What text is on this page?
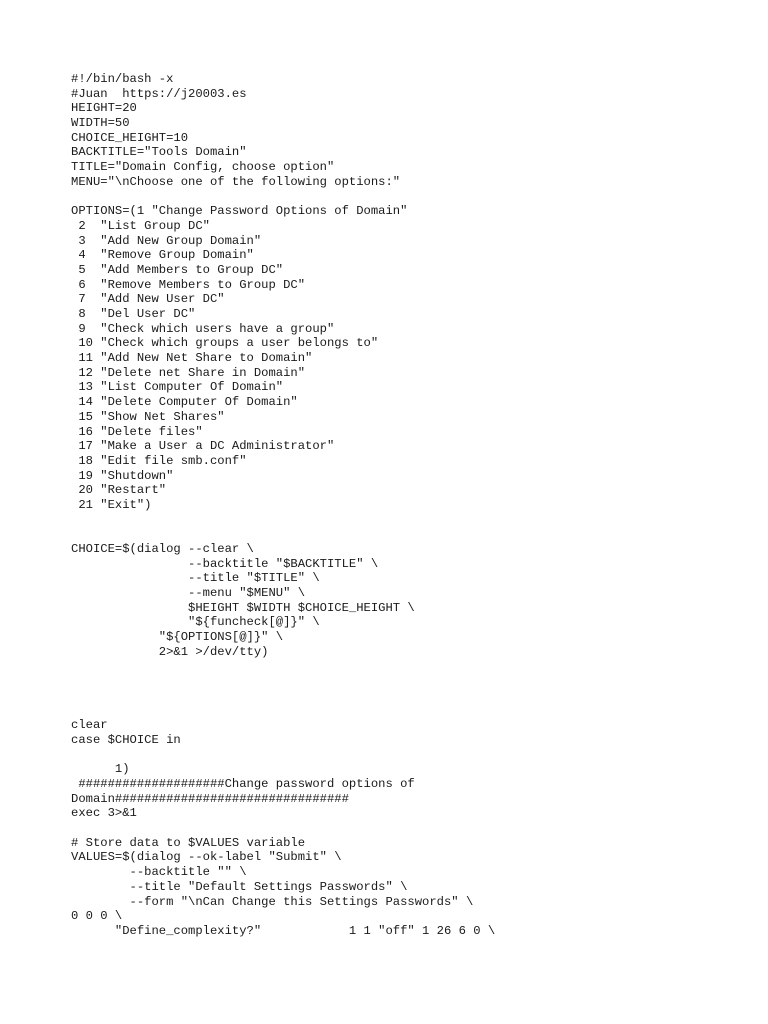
#!/bin/bash -x
#Juan  https://j20003.es
HEIGHT=20
WIDTH=50
CHOICE_HEIGHT=10
BACKTITLE="Tools Domain"
TITLE="Domain Config, choose option"
MENU="\nChoose one of the following options:"
OPTIONS=(1 "Change Password Options of Domain"
2  "List Group DC"
3  "Add New Group Domain"
4  "Remove Group Domain"
5  "Add Members to Group DC"
6  "Remove Members to Group DC"
7  "Add New User DC"
8  "Del User DC"
9  "Check which users have a group"
10 "Check which groups a user belongs to"
11 "Add New Net Share to Domain"
12 "Delete net Share in Domain"
13 "List Computer Of Domain"
14 "Delete Computer Of Domain"
15 "Show Net Shares"
16 "Delete files"
17 "Make a User a DC Administrator"
18 "Edit file smb.conf"
19 "Shutdown"
20 "Restart"
21 "Exit")
CHOICE=$(dialog --clear \
--backtitle "$BACKTITLE" \
--title "$TITLE" \
--menu "$MENU" \
$HEIGHT $WIDTH $CHOICE_HEIGHT \
"${funcheck[@]}" \
"${OPTIONS[@]}" \
2>&1 >/dev/tty)
clear
case $CHOICE in
1)
####################Change password options of
Domain################################
exec 3>&1
# Store data to $VALUES variable
VALUES=$(dialog --ok-label "Submit" \
--backtitle "" \
--title "Default Settings Passwords" \
--form "\nCan Change this Settings Passwords" \
0 0 0 \
"Define_complexity?"            1 1 "off" 1 26 6 0 \
